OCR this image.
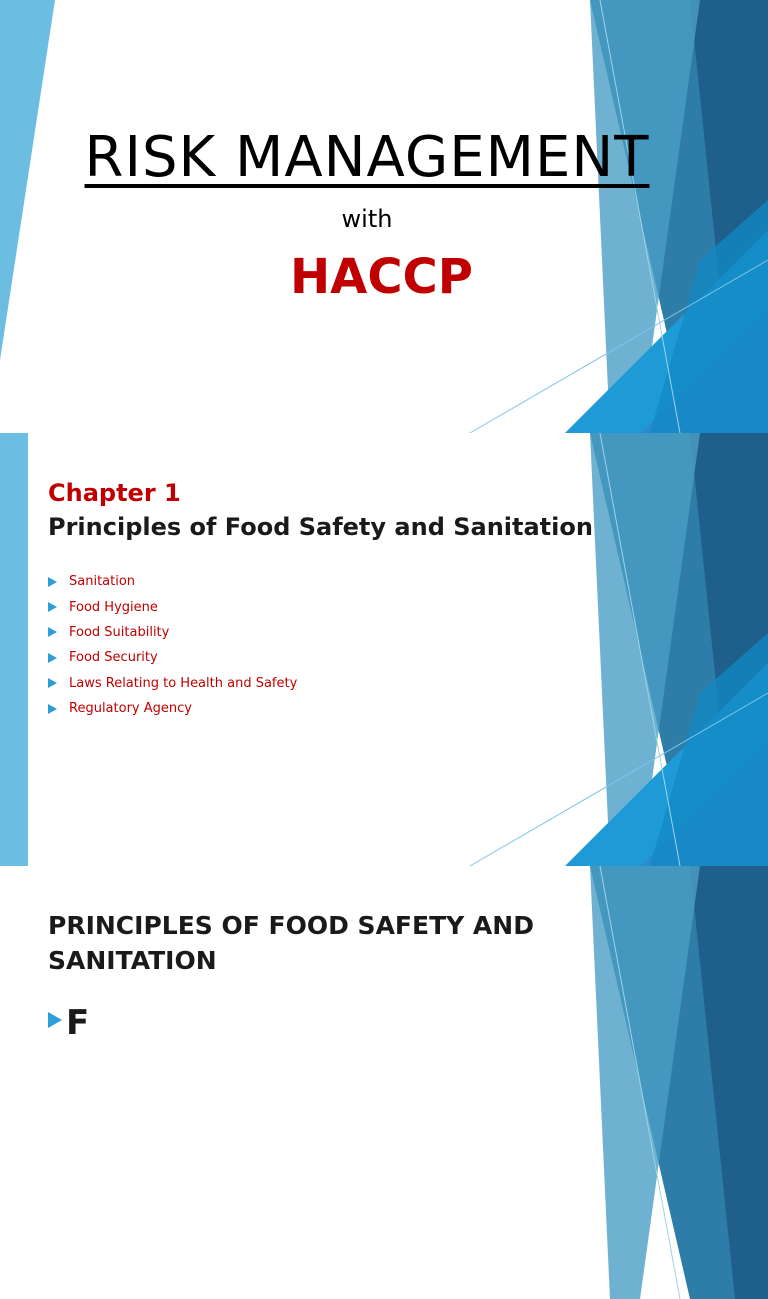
RISK MANAGEMENT
with
HACCP
Chapter 1
Principles of Food Safety and Sanitation
Sanitation
Food Hygiene
Food Suitability
Food Security
Laws Relating to Health and Safety
Regulatory Agency
PRINCIPLES OF FOOD SAFETY AND SANITATION
F
